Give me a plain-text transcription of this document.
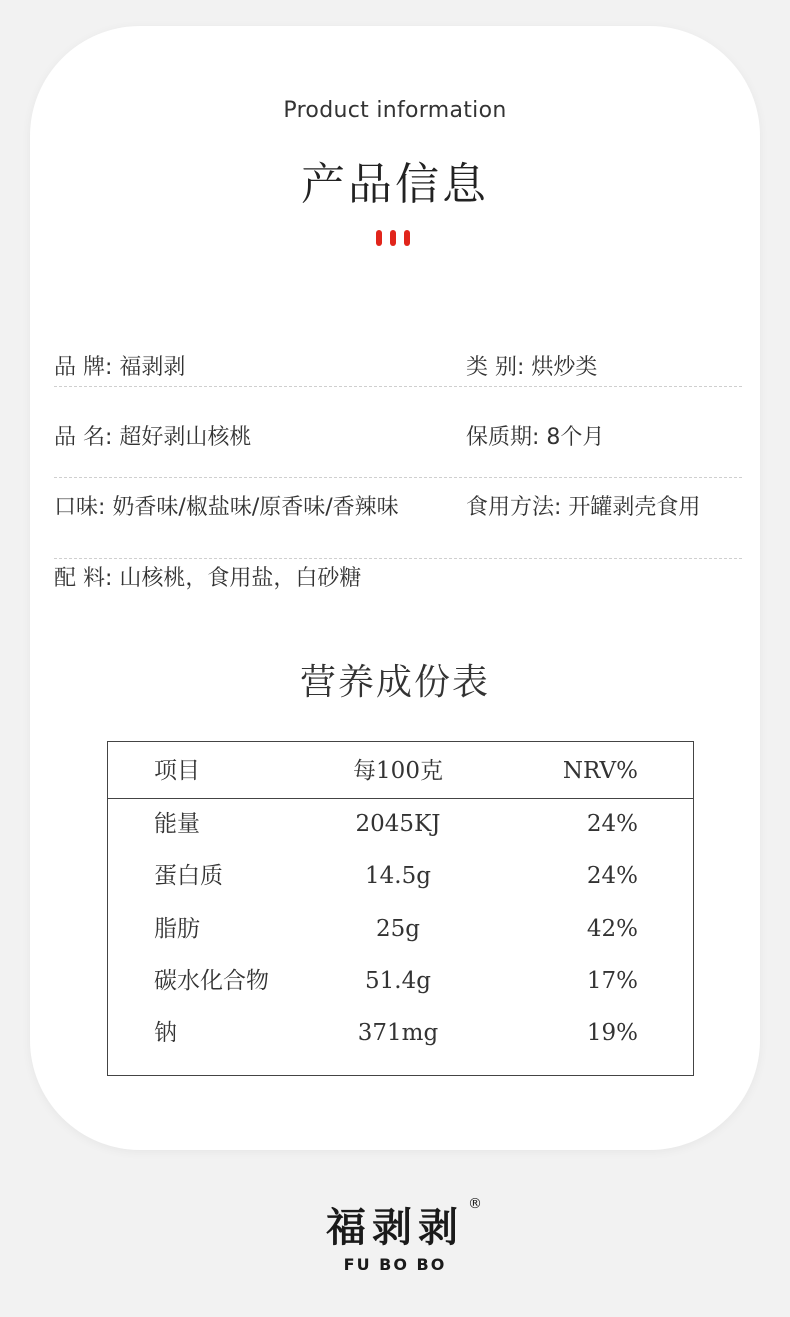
Product information
产品信息
品 牌: 福剥剥	类 别: 烘炒类
品 名: 超好剥山核桃	保质期: 8个月
口味: 奶香味/椒盐味/原香味/香辣味	食用方法: 开罐剥壳食用
配 料: 山核桃，食用盐，白砂糖
营养成份表
项目	每100克	NRV%
能量	2045KJ	24%
蛋白质	14.5g	24%
脂肪	25g	42%
碳水化合物	51.4g	17%
钠	371mg	19%
福剥剥
®
FU BO BO
